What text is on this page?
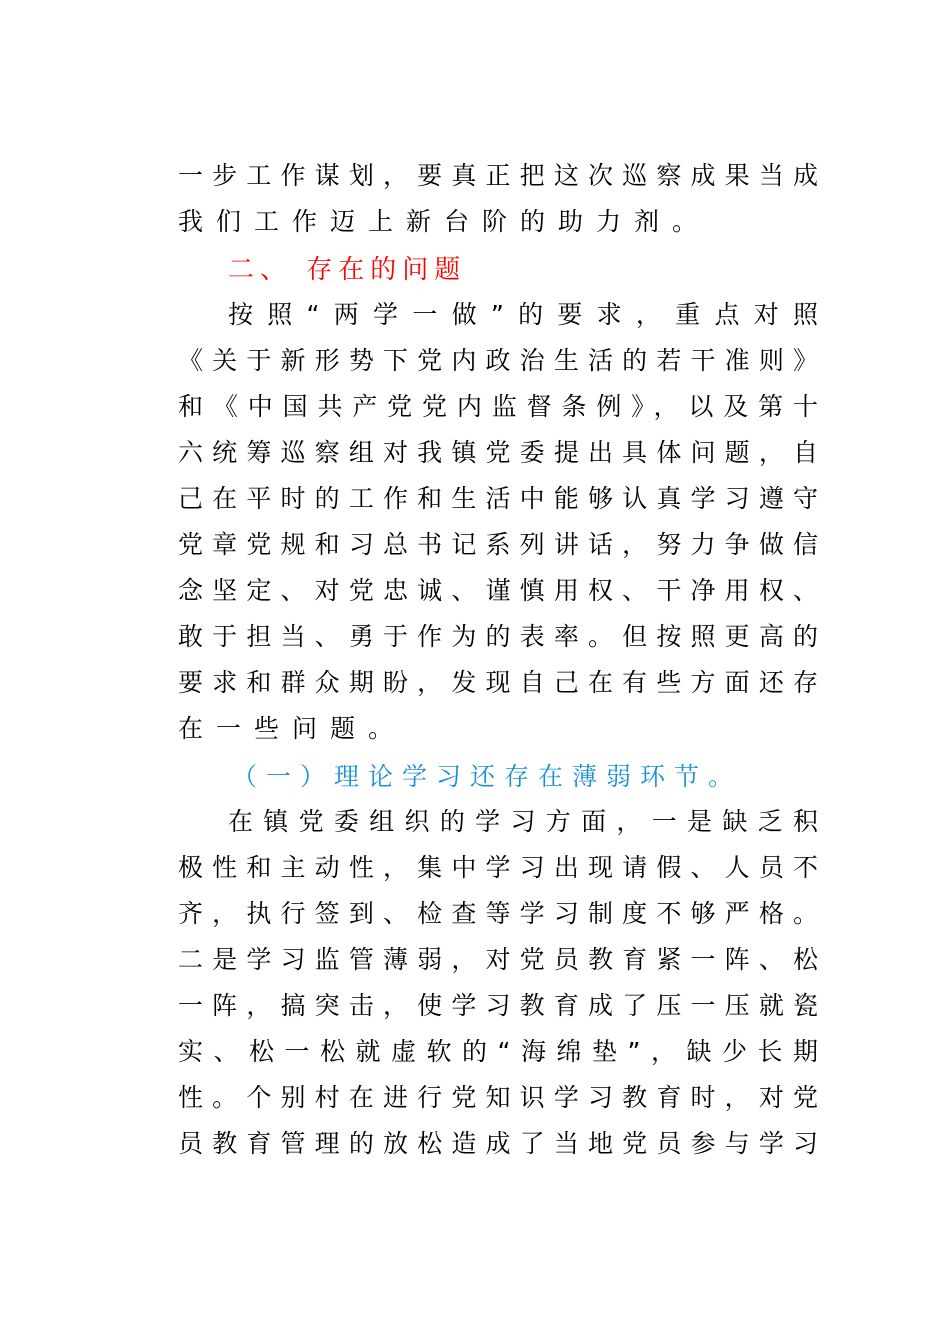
一步工作谋划，要真正把这次巡察成果当成
我们工作迈上新台阶的助力剂。
二、 存在的问题
按照“两学一做”的要求，重点对照
《关于新形势下党内政治生活的若干准则》
和《中国共产党党内监督条例》，以及第十
六统筹巡察组对我镇党委提出具体问题，自
己在平时的工作和生活中能够认真学习遵守
党章党规和习总书记系列讲话，努力争做信
念坚定、对党忠诚、谨慎用权、干净用权、
敢于担当、勇于作为的表率。但按照更高的
要求和群众期盼，发现自己在有些方面还存
在一些问题。
（一）理论学习还存在薄弱环节。
在镇党委组织的学习方面，一是缺乏积
极性和主动性，集中学习出现请假、人员不
齐，执行签到、检查等学习制度不够严格。
二是学习监管薄弱，对党员教育紧一阵、松
一阵，搞突击，使学习教育成了压一压就瓷
实、松一松就虚软的“海绵垫”，缺少长期
性。个别村在进行党知识学习教育时，对党
员教育管理的放松造成了当地党员参与学习
